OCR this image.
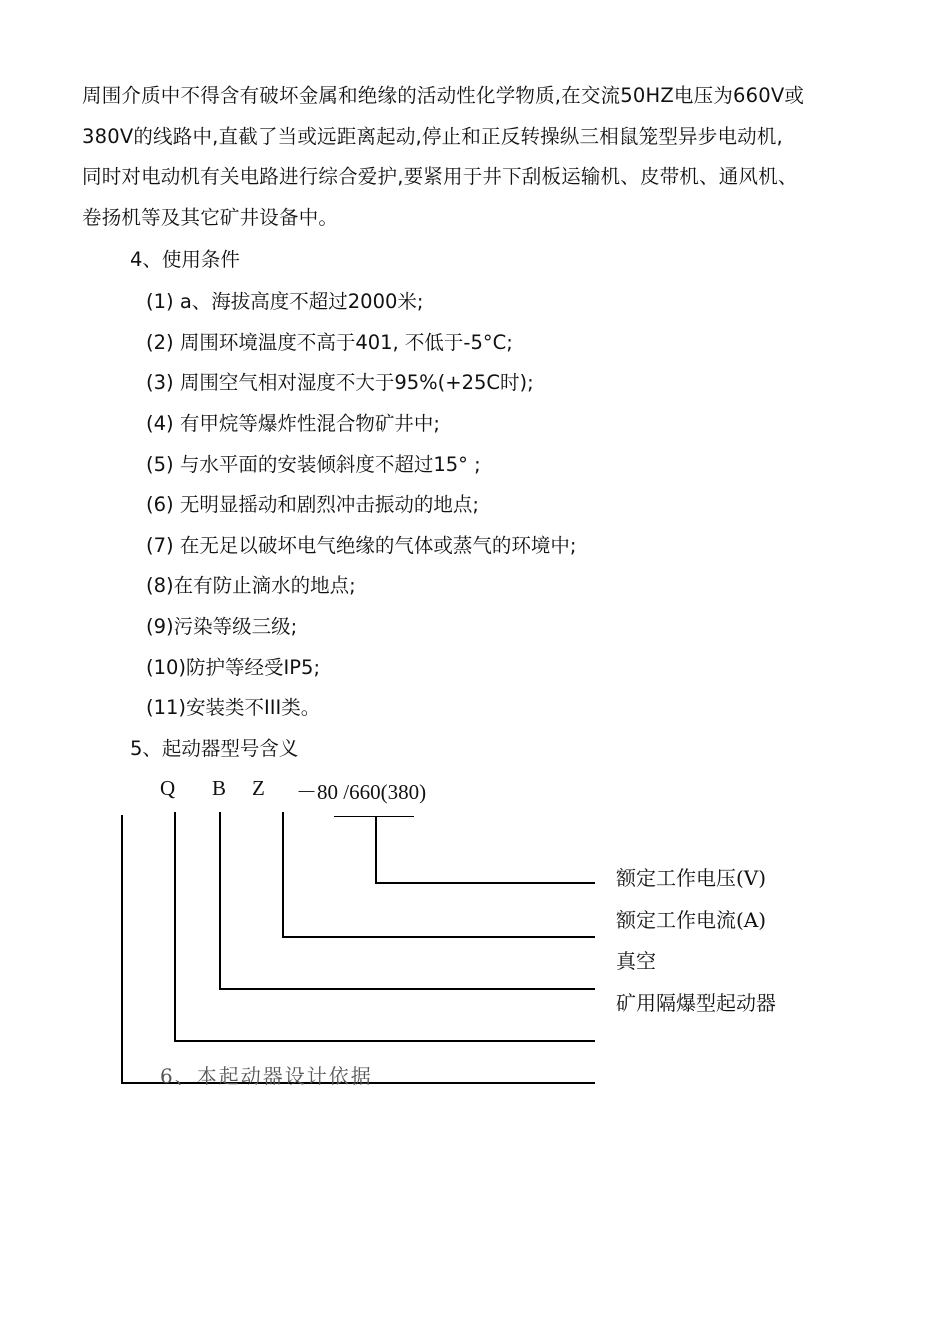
周围介质中不得含有破坏金属和绝缘的活动性化学物质,在交流50HZ电压为660V或
380V的线路中,直截了当或远距离起动,停止和正反转操纵三相鼠笼型异步电动机,
同时对电动机有关电路进行综合爱护,要紧用于井下刮板运输机、皮带机、通风机、
卷扬机等及其它矿井设备中。
4、使用条件
(1) a、海拔高度不超过2000米;
(2) 周围环境温度不高于401, 不低于-5°C;
(3) 周围空气相对湿度不大于95%(+25C时);
(4) 有甲烷等爆炸性混合物矿井中;
(5) 与水平面的安装倾斜度不超过15° ;
(6) 无明显摇动和剧烈冲击振动的地点;
(7) 在无足以破坏电气绝缘的气体或蒸气的环境中;
(8)在有防止滴水的地点;
(9)污染等级三级;
(10)防护等经受IP5;
(11)安装类不III类。
5、起动器型号含义
Q B Z －80 /660(380)
额定工作电压(V)
额定工作电流(A)
真空
矿用隔爆型起动器
6、本起动器设计依据
